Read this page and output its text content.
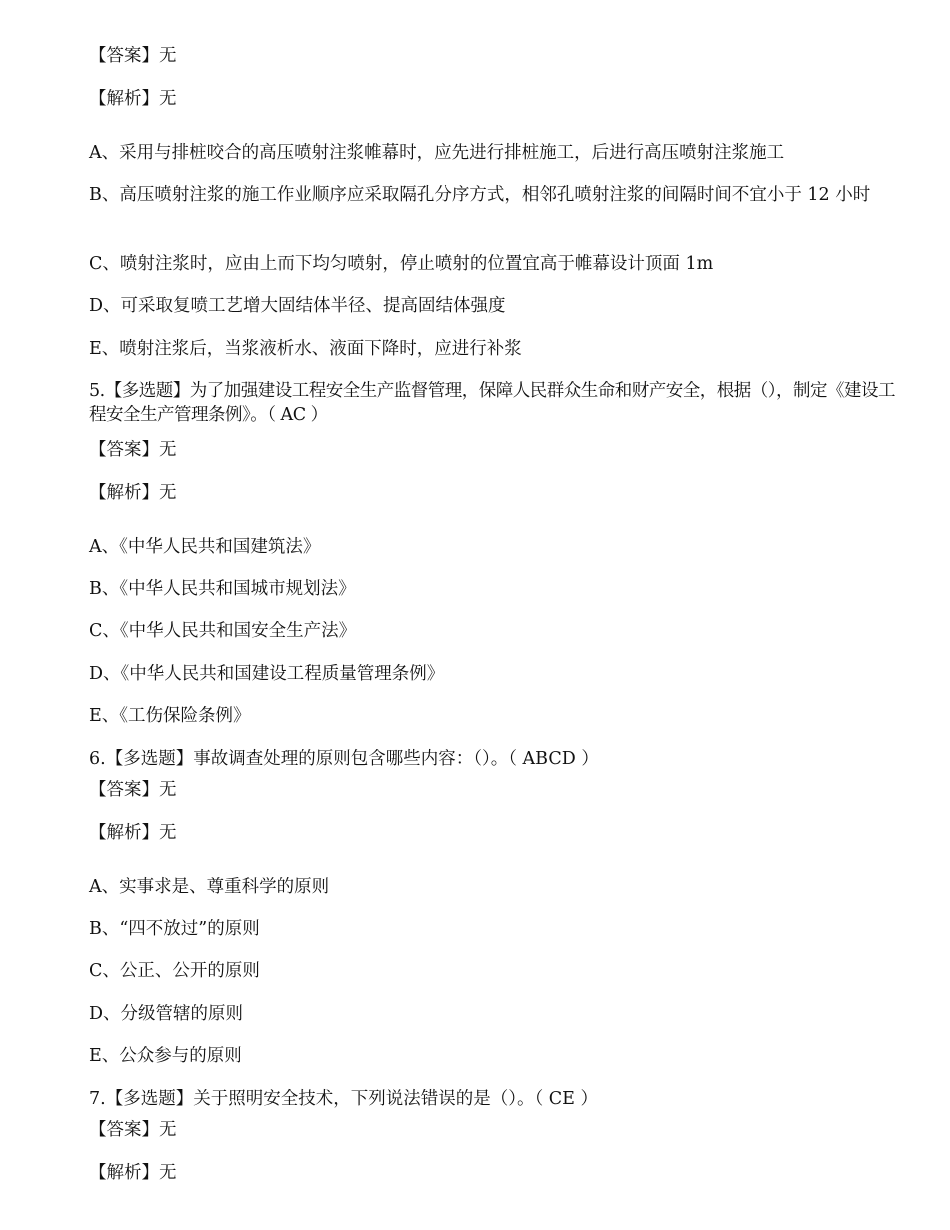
【答案】无
【解析】无
A、采用与排桩咬合的高压喷射注浆帷幕时，应先进行排桩施工，后进行高压喷射注浆施工
B、高压喷射注浆的施工作业顺序应采取隔孔分序方式，相邻孔喷射注浆的间隔时间不宜小于 12 小时
C、喷射注浆时，应由上而下均匀喷射，停止喷射的位置宜高于帷幕设计顶面 1m
D、可采取复喷工艺增大固结体半径、提高固结体强度
E、喷射注浆后，当浆液析水、液面下降时，应进行补浆
5.【多选题】为了加强建设工程安全生产监督管理，保障人民群众生命和财产安全，根据（），制定《建设工程安全生产管理条例》。（ AC ）
【答案】无
【解析】无
A、《中华人民共和国建筑法》
B、《中华人民共和国城市规划法》
C、《中华人民共和国安全生产法》
D、《中华人民共和国建设工程质量管理条例》
E、《工伤保险条例》
6.【多选题】事故调查处理的原则包含哪些内容：（）。（ ABCD ）
【答案】无
【解析】无
A、实事求是、尊重科学的原则
B、“四不放过”的原则
C、公正、公开的原则
D、分级管辖的原则
E、公众参与的原则
7.【多选题】关于照明安全技术，下列说法错误的是（）。（ CE ）
【答案】无
【解析】无
